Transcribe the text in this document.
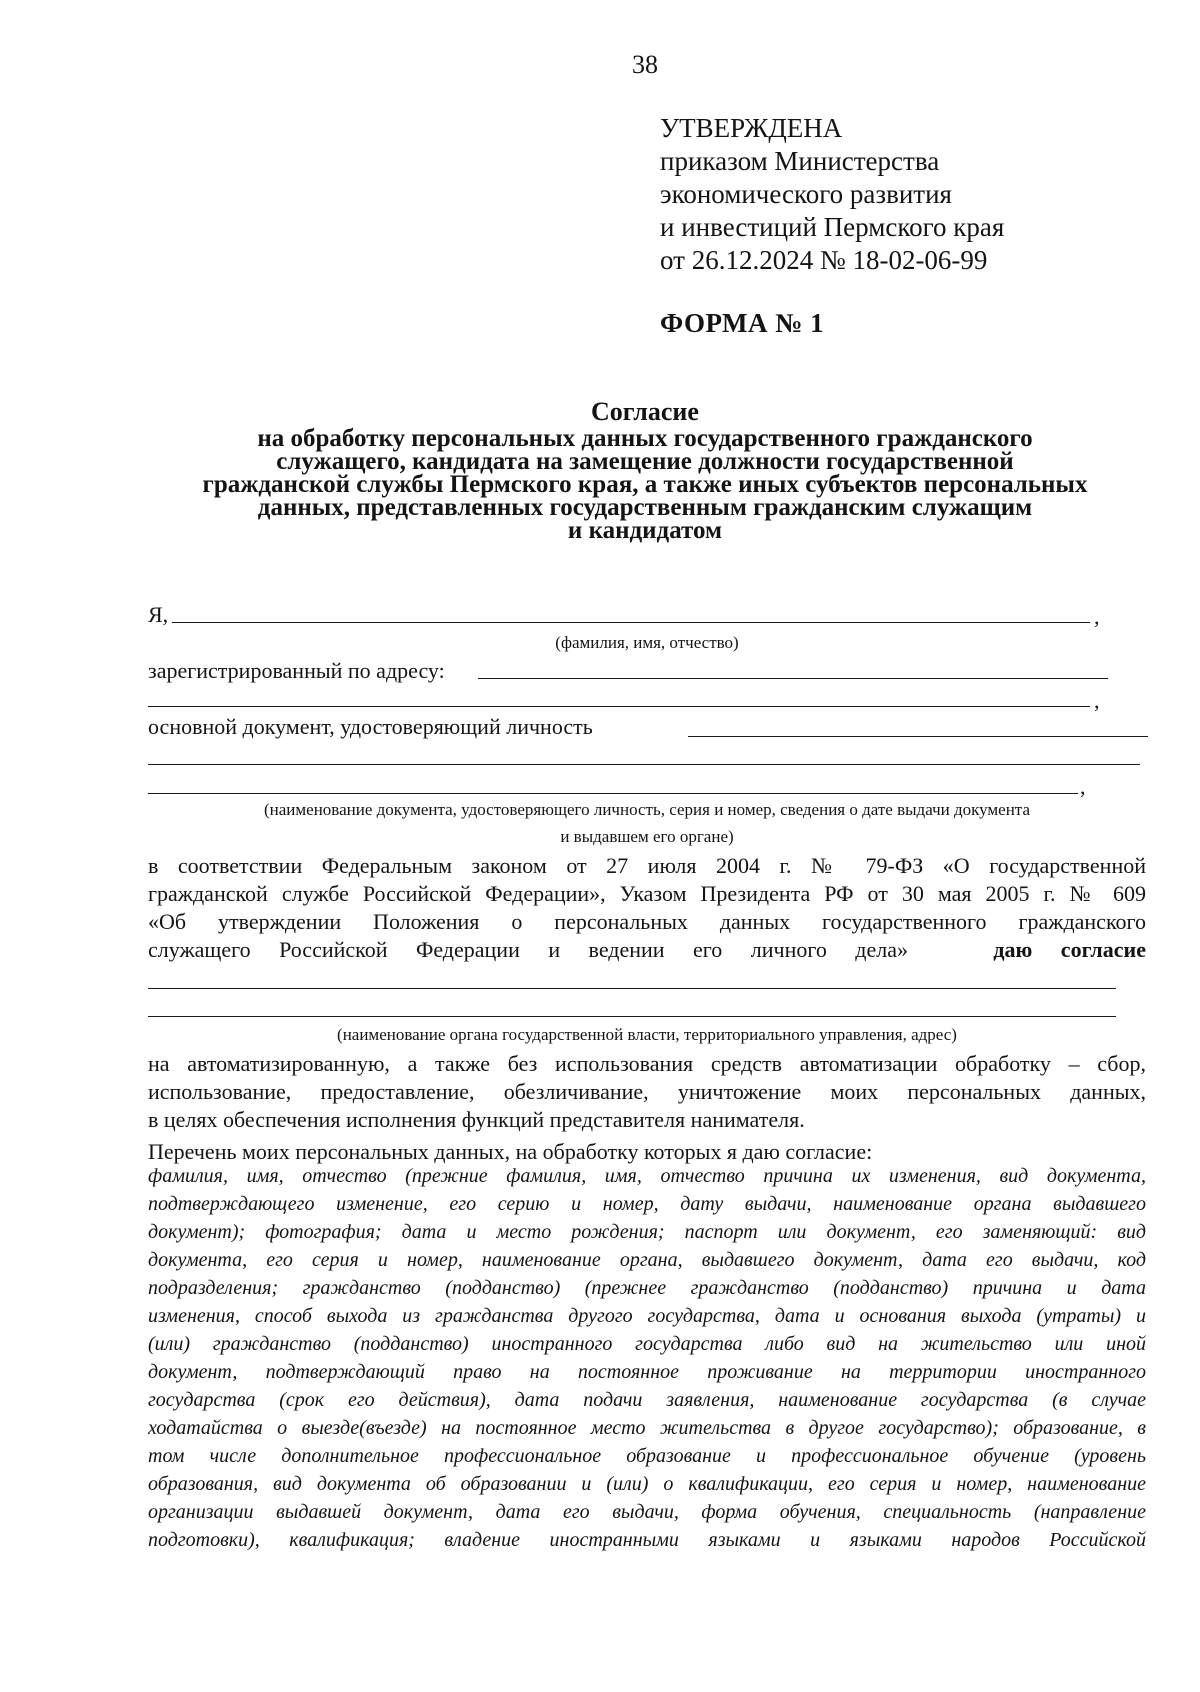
38
УТВЕРЖДЕНА
приказом Министерства
экономического развития
и инвестиций Пермского края
от 26.12.2024 № 18-02-06-99
ФОРМА № 1
Согласие
на обработку персональных данных государственного гражданского
служащего, кандидата на замещение должности государственной
гражданской службы Пермского края, а также иных субъектов персональных
данных, представленных государственным гражданским служащим
и кандидатом
Я,	,
(фамилия, имя, отчество)
зарегистрированный по адресу:
,
основной документ, удостоверяющий личность
,
(наименование документа, удостоверяющего личность, серия и номер, сведения о дате выдачи документа
и выдавшем его органе)
в соответствии Федеральным законом от 27 июля 2004 г. № 79-ФЗ «О государственной
гражданской службе Российской Федерации», Указом Президента РФ от 30 мая 2005 г. № 609
«Об утверждении Положения о персональных данных государственного гражданского
служащего Российской Федерации и ведении его личного дела»	даю согласие
(наименование органа государственной власти, территориального управления, адрес)
на автоматизированную, а также без использования средств автоматизации обработку – сбор,
использование, предоставление, обезличивание, уничтожение моих персональных данных,
в целях обеспечения исполнения функций представителя нанимателя.
Перечень моих персональных данных, на обработку которых я даю согласие:
фамилия, имя, отчество (прежние фамилия, имя, отчество причина их изменения, вид документа,
подтверждающего изменение, его серию и номер, дату выдачи, наименование органа выдавшего
документ); фотография; дата и место рождения; паспорт или документ, его заменяющий: вид
документа, его серия и номер, наименование органа, выдавшего документ, дата его выдачи, код
подразделения; гражданство (подданство) (прежнее гражданство (подданство) причина и дата
изменения, способ выхода из гражданства другого государства, дата и основания выхода (утраты) и
(или) гражданство (подданство) иностранного государства либо вид на жительство или иной
документ, подтверждающий право на постоянное проживание на территории иностранного
государства (срок его действия), дата подачи заявления, наименование государства (в случае
ходатайства о выезде(въезде) на постоянное место жительства в другое государство); образование, в
том числе дополнительное профессиональное образование и профессиональное обучение (уровень
образования, вид документа об образовании и (или) о квалификации, его серия и номер, наименование
организации выдавшей документ, дата его выдачи, форма обучения, специальность (направление
подготовки), квалификация; владение иностранными языками и языками народов Российской
